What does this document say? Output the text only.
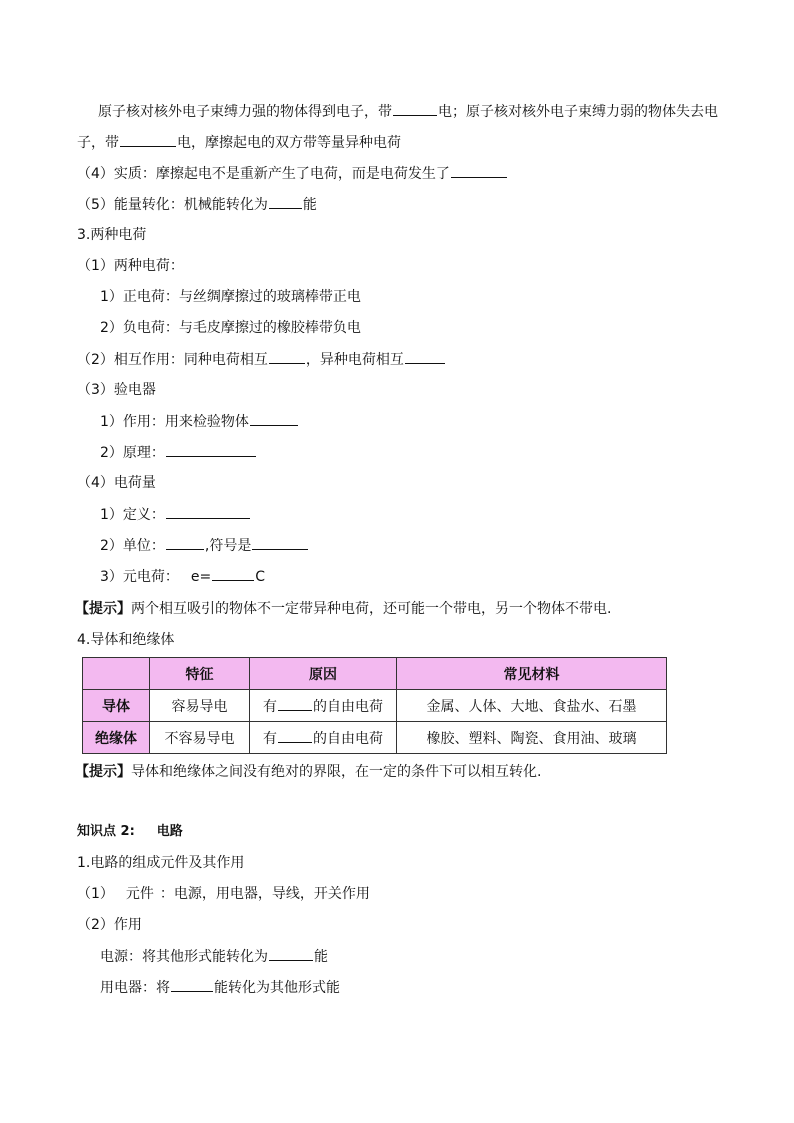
原子核对核外电子束缚力强的物体得到电子，带	电；原子核对核外电子束缚力弱的物体失去电
子，带	电，摩擦起电的双方带等量异种电荷
（4）实质：摩擦起电不是重新产生了电荷，而是电荷发生了
（5）能量转化：机械能转化为	能
3.两种电荷
（1）两种电荷：
1）正电荷：与丝绸摩擦过的玻璃棒带正电
2）负电荷：与毛皮摩擦过的橡胶棒带负电
（2）相互作用：同种电荷相互	，异种电荷相互
（3）验电器
1）作用：用来检验物体
2）原理：
（4）电荷量
1）定义：
2）单位：	,符号是
3）元电荷： e=	C
【提示】两个相互吸引的物体不一定带异种电荷，还可能一个带电，另一个物体不带电.
4.导体和绝缘体
	特征	原因	常见材料
导体	容易导电	有 的自由电荷	金属、人体、大地、食盐水、石墨
绝缘体	不容易导电	有 的自由电荷	橡胶、塑料、陶瓷、食用油、玻璃
【提示】导体和绝缘体之间没有绝对的界限，在一定的条件下可以相互转化.
知识点 2: 电路
1.电路的组成元件及其作用
（1） 元件 ：电源，用电器，导线，开关作用
（2）作用
电源：将其他形式能转化为	能
用电器：将	能转化为其他形式能
